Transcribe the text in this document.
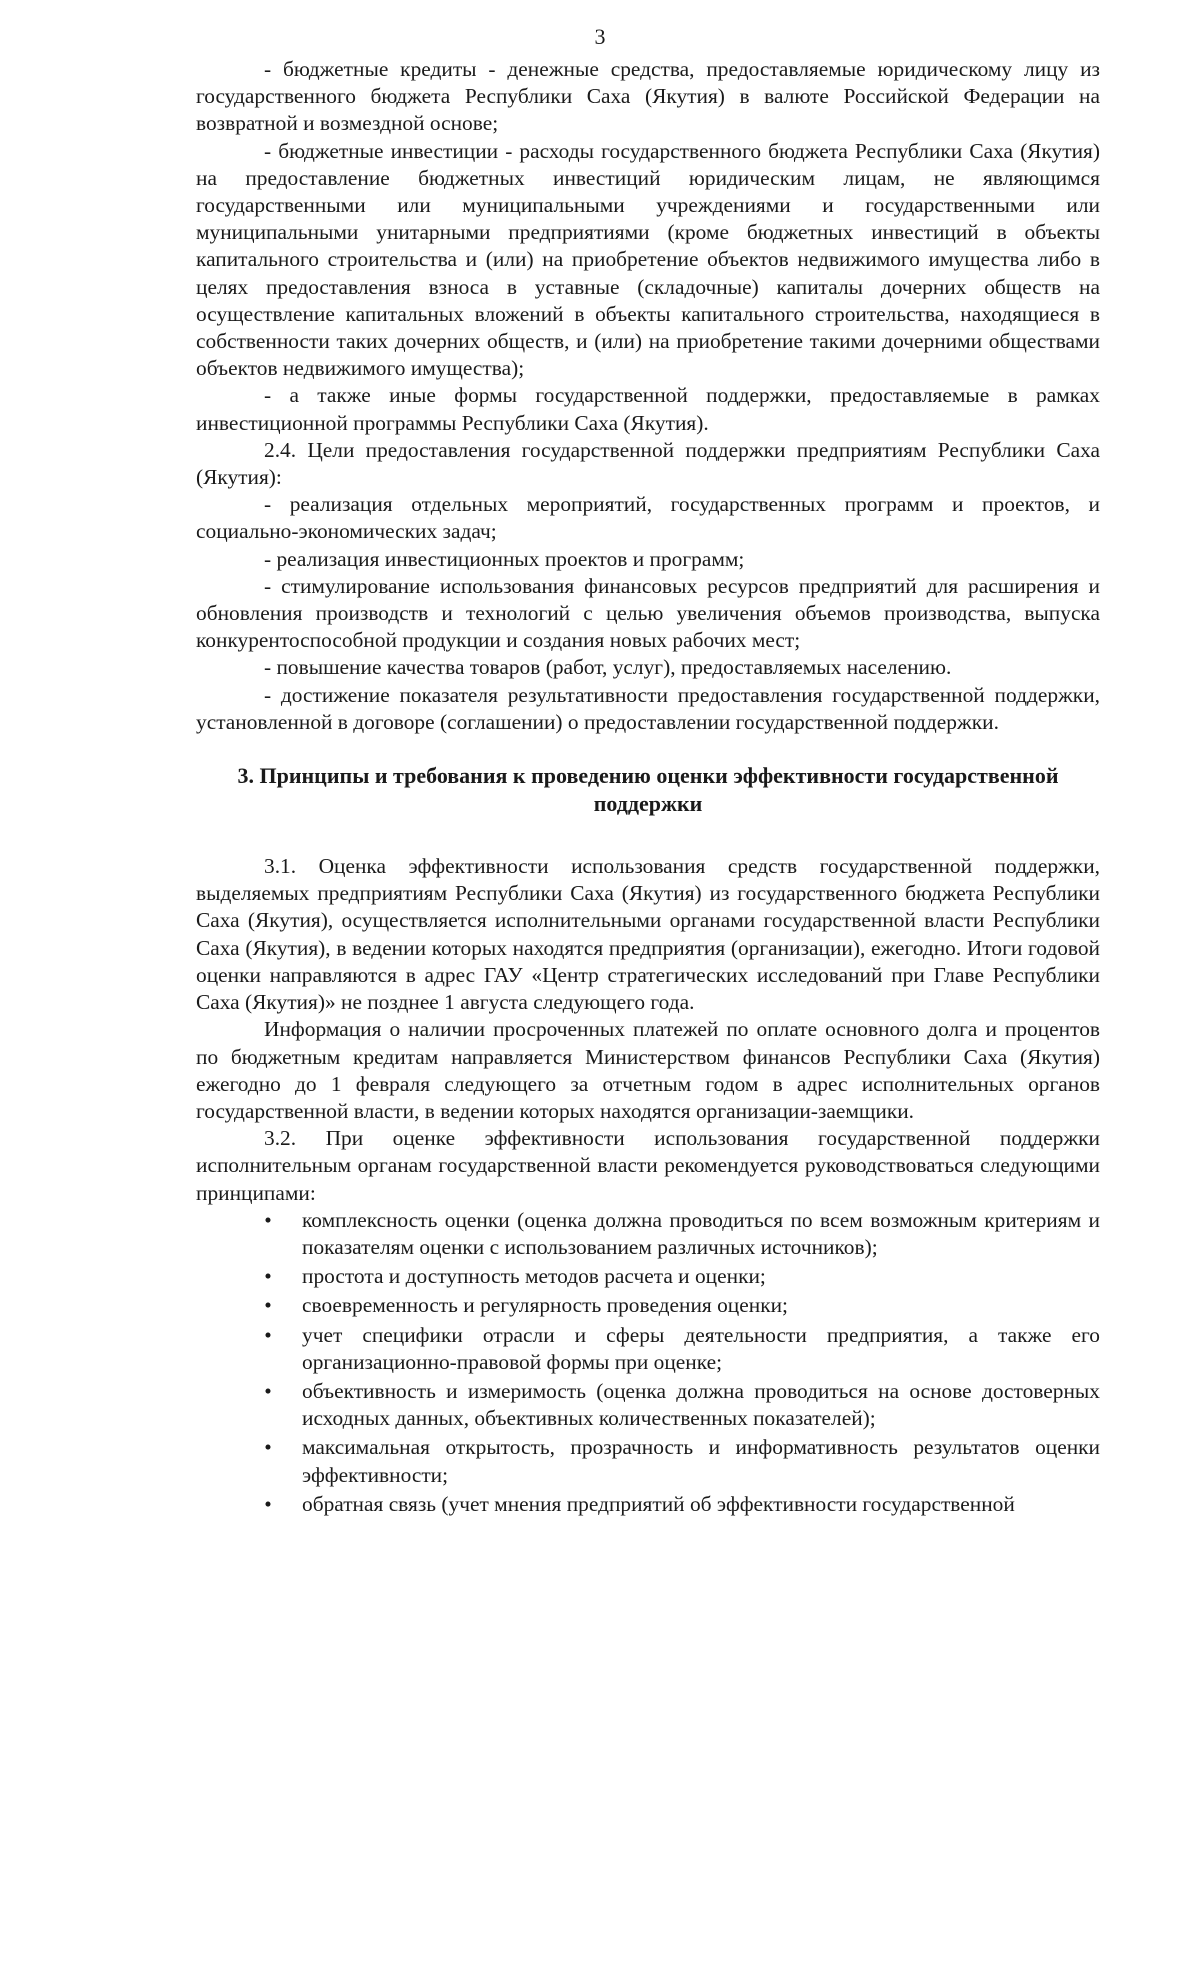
3

- бюджетные кредиты - денежные средства, предоставляемые юридическому лицу из государственного бюджета Республики Саха (Якутия) в валюте Российской Федерации на возвратной и возмездной основе;

- бюджетные инвестиции - расходы государственного бюджета Республики Саха (Якутия) на предоставление бюджетных инвестиций юридическим лицам, не являющимся государственными или муниципальными учреждениями и государственными или муниципальными унитарными предприятиями (кроме бюджетных инвестиций в объекты капитального строительства и (или) на приобретение объектов недвижимого имущества либо в целях предоставления взноса в уставные (складочные) капиталы дочерних обществ на осуществление капитальных вложений в объекты капитального строительства, находящиеся в собственности таких дочерних обществ, и (или) на приобретение такими дочерними обществами объектов недвижимого имущества);

- а также иные формы государственной поддержки, предоставляемые в рамках инвестиционной программы Республики Саха (Якутия).

2.4. Цели предоставления государственной поддержки предприятиям Республики Саха (Якутия):

- реализация отдельных мероприятий, государственных программ и проектов, и социально-экономических задач;

- реализация инвестиционных проектов и программ;

- стимулирование использования финансовых ресурсов предприятий для расширения и обновления производств и технологий с целью увеличения объемов производства, выпуска конкурентоспособной продукции и создания новых рабочих мест;

- повышение качества товаров (работ, услуг), предоставляемых населению.

- достижение показателя результативности предоставления государственной поддержки, установленной в договоре (соглашении) о предоставлении государственной поддержки.

3. Принципы и требования к проведению оценки эффективности государственной поддержки

3.1. Оценка эффективности использования средств государственной поддержки, выделяемых предприятиям Республики Саха (Якутия) из государственного бюджета Республики Саха (Якутия), осуществляется исполнительными органами государственной власти Республики Саха (Якутия), в ведении которых находятся предприятия (организации), ежегодно. Итоги годовой оценки направляются в адрес ГАУ «Центр стратегических исследований при Главе Республики Саха (Якутия)» не позднее 1 августа следующего года.

Информация о наличии просроченных платежей по оплате основного долга и процентов по бюджетным кредитам направляется Министерством финансов Республики Саха (Якутия) ежегодно до 1 февраля следующего за отчетным годом в адрес исполнительных органов государственной власти, в ведении которых находятся организации-заемщики.

3.2. При оценке эффективности использования государственной поддержки исполнительным органам государственной власти рекомендуется руководствоваться следующими принципами:

• комплексность оценки (оценка должна проводиться по всем возможным критериям и показателям оценки с использованием различных источников);
• простота и доступность методов расчета и оценки;
• своевременность и регулярность проведения оценки;
• учет специфики отрасли и сферы деятельности предприятия, а также его организационно-правовой формы при оценке;
• объективность и измеримость (оценка должна проводиться на основе достоверных исходных данных, объективных количественных показателей);
• максимальная открытость, прозрачность и информативность результатов оценки эффективности;
• обратная связь (учет мнения предприятий об эффективности государственной
